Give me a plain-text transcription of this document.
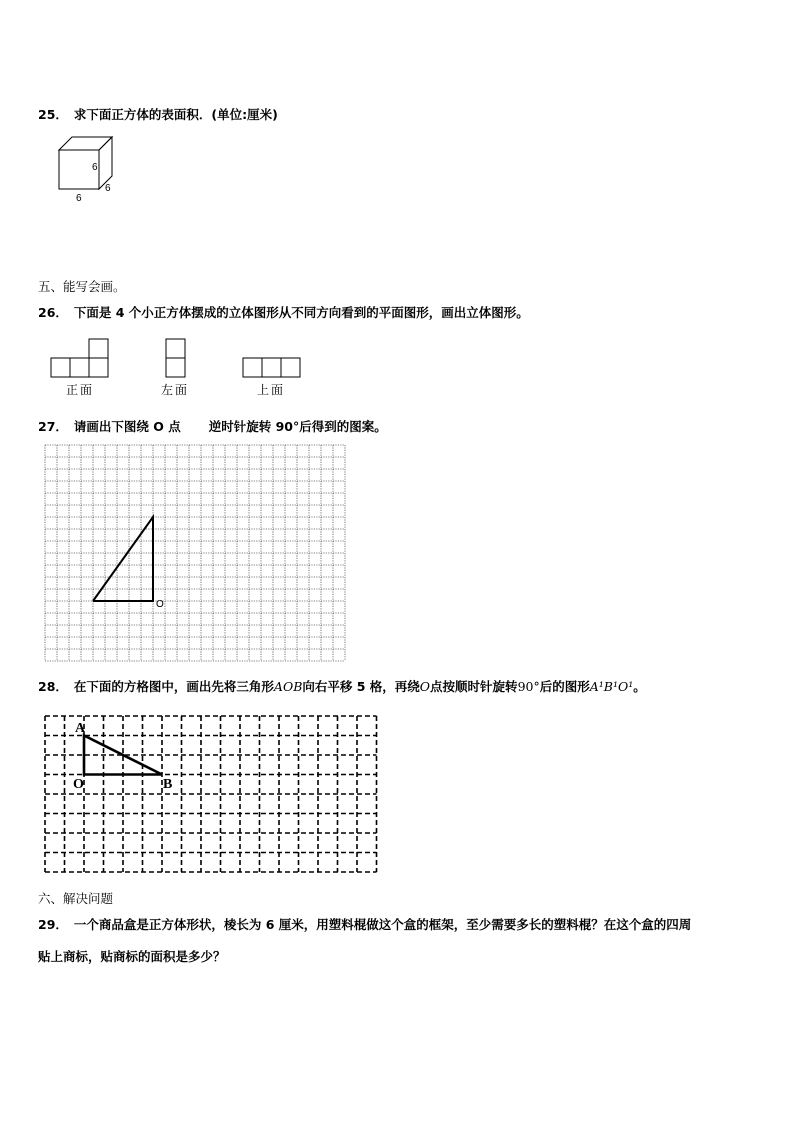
25． 求下面正方体的表面积．(单位:厘米)
6
6
6
五、能写会画。
26． 下面是 4 个小正方体摆成的立体图形从不同方向看到的平面图形，画出立体图形。
正面	左面	上面
27． 请画出下图绕 O 点 逆时针旋转 90°后得到的图案。
O
28． 在下面的方格图中，画出先将三角形AOB向右平移 5 格，再绕O点按顺时针旋转90°后的图形A¹B¹O¹。
A
O	B
六、解决问题
29． 一个商品盒是正方体形状，棱长为 6 厘米，用塑料棍做这个盒的框架，至少需要多长的塑料棍？在这个盒的四周
贴上商标，贴商标的面积是多少？
